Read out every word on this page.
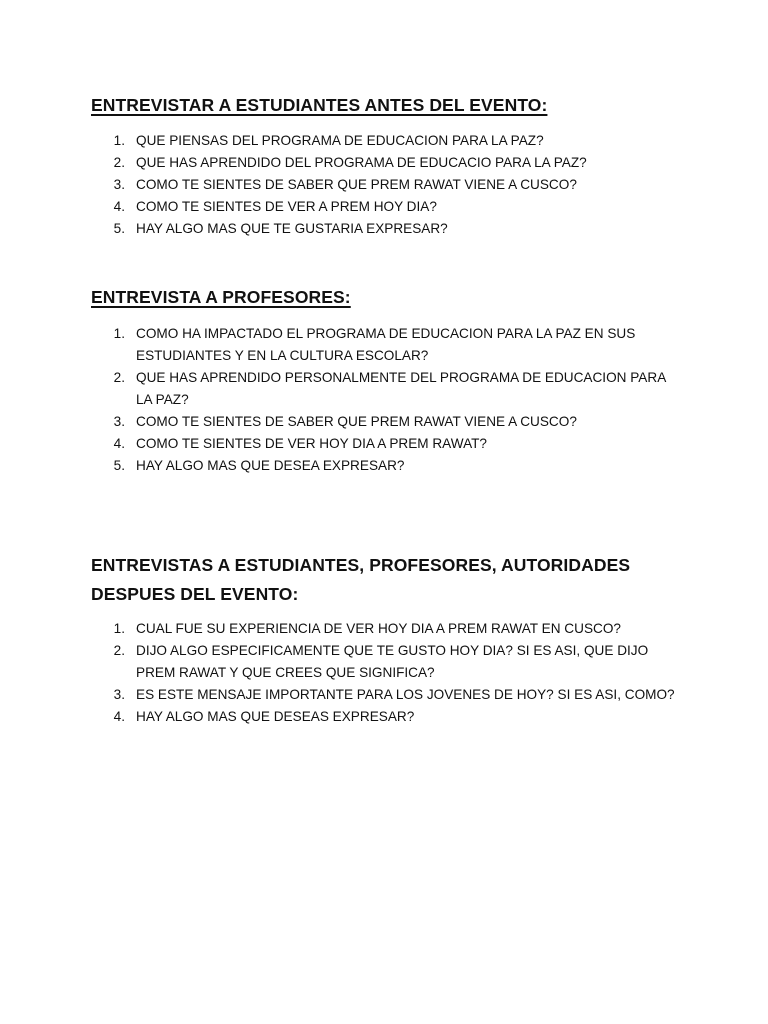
ENTREVISTAR A ESTUDIANTES ANTES DEL EVENTO:
1. QUE PIENSAS DEL PROGRAMA DE EDUCACION PARA LA PAZ?
2. QUE HAS APRENDIDO DEL PROGRAMA DE EDUCACIO PARA LA PAZ?
3. COMO TE SIENTES DE SABER QUE PREM RAWAT VIENE A CUSCO?
4. COMO TE SIENTES DE VER A PREM HOY DIA?
5. HAY ALGO MAS QUE TE GUSTARIA EXPRESAR?
ENTREVISTA A PROFESORES:
1. COMO HA IMPACTADO EL PROGRAMA DE EDUCACION PARA LA PAZ EN SUS ESTUDIANTES Y EN LA CULTURA ESCOLAR?
2. QUE HAS APRENDIDO PERSONALMENTE DEL PROGRAMA DE EDUCACION PARA LA PAZ?
3. COMO TE SIENTES DE SABER QUE PREM RAWAT VIENE A CUSCO?
4. COMO TE SIENTES DE VER HOY DIA A PREM RAWAT?
5. HAY ALGO MAS QUE DESEA EXPRESAR?
ENTREVISTAS A ESTUDIANTES, PROFESORES, AUTORIDADES DESPUES DEL EVENTO:
1. CUAL FUE SU EXPERIENCIA DE VER HOY DIA A PREM RAWAT EN CUSCO?
2. DIJO ALGO ESPECIFICAMENTE QUE TE GUSTO HOY DIA? SI ES ASI, QUE DIJO PREM RAWAT Y QUE CREES QUE SIGNIFICA?
3. ES ESTE MENSAJE IMPORTANTE PARA LOS JOVENES DE HOY? SI ES ASI, COMO?
4. HAY ALGO MAS QUE DESEAS EXPRESAR?
